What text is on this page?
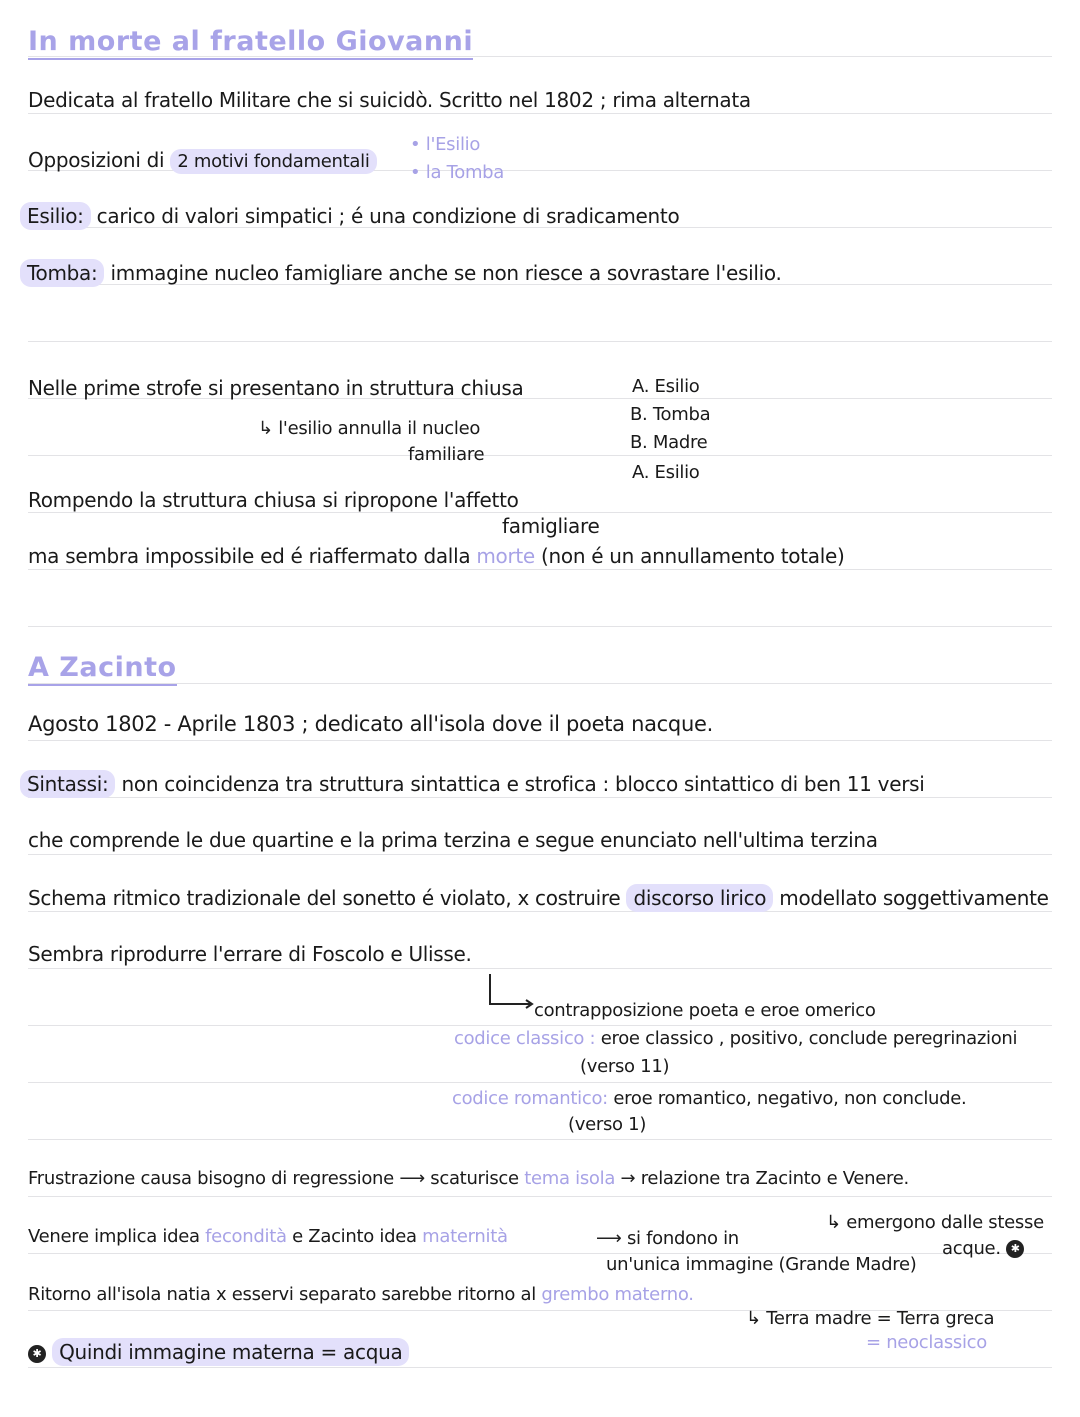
In morte al fratello Giovanni
Dedicata al fratello Militare che si suicidò. Scritto nel 1802 ; rima alternata
Opposizioni di 2 motivi fondamentali
• l'Esilio
• la Tomba
Esilio: carico di valori simpatici ; é una condizione di sradicamento
Tomba: immagine nucleo famigliare anche se non riesce a sovrastare l'esilio.
Nelle prime strofe si presentano in struttura chiusa
↳ l'esilio annulla il nucleo
familiare
A. Esilio
B. Tomba
B. Madre
A. Esilio
Rompendo la struttura chiusa si ripropone l'affetto
famigliare
ma sembra impossibile ed é riaffermato dalla morte (non é un annullamento totale)
A Zacinto
Agosto 1802 - Aprile 1803 ; dedicato all'isola dove il poeta nacque.
Sintassi: non coincidenza tra struttura sintattica e strofica : blocco sintattico di ben 11 versi
che comprende le due quartine e la prima terzina e segue enunciato nell'ultima terzina
Schema ritmico tradizionale del sonetto é violato, x costruire discorso lirico modellato soggettivamente
Sembra riprodurre l'errare di Foscolo e Ulisse.
contrapposizione poeta e eroe omerico
codice classico : eroe classico , positivo, conclude peregrinazioni
(verso 11)
codice romantico: eroe romantico, negativo, non conclude.
(verso 1)
Frustrazione causa bisogno di regressione ⟶ scaturisce tema isola → relazione tra Zacinto e Venere.
↳ emergono dalle stesse
acque. ✱
Venere implica idea fecondità e Zacinto idea maternità	⟶ si fondono in
un'unica immagine (Grande Madre)
Ritorno all'isola natia x esservi separato sarebbe ritorno al grembo materno.
↳ Terra madre = Terra greca
= neoclassico
✱ Quindi immagine materna = acqua
